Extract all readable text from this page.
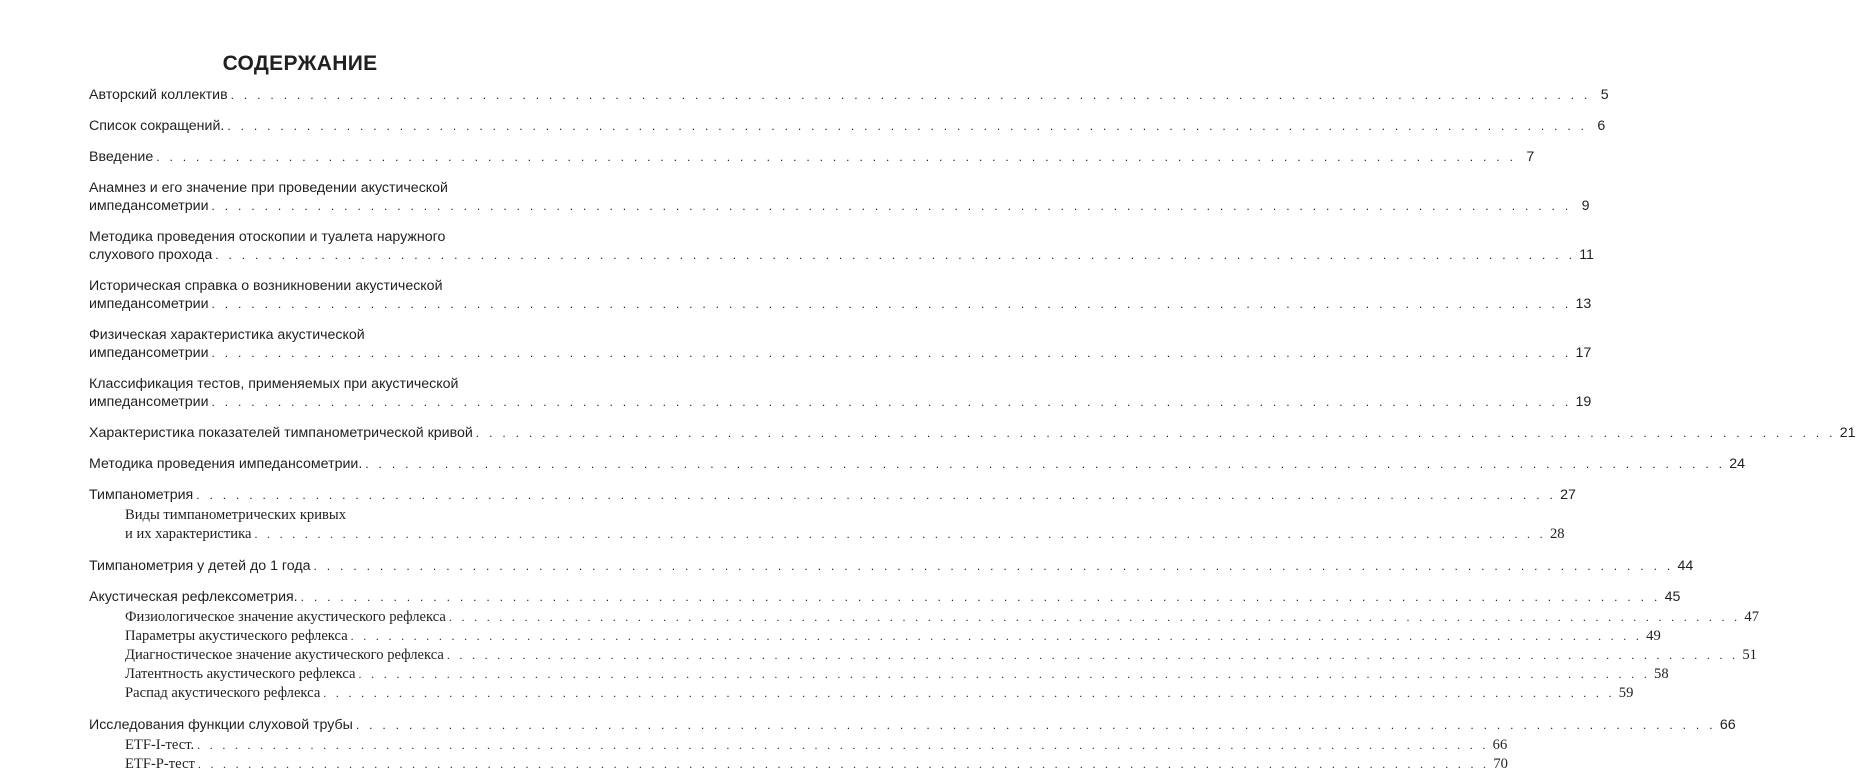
СОДЕРЖАНИЕ
Авторский коллектив . . . . . . . . . . . . . . . . . . . . . . . . . . . . . . . . . . . . . . . . . . . . . . . . . . . . . . . . . . . . . . . . . . . . . . . . . . . . . . . . . . . . . . . . . . . . . . . . . . . . . . . 5
Список сокращений. . . . . . . . . . . . . . . . . . . . . . . . . . . . . . . . . . . . . . . . . . . . . . . . . . . . . . . . . . . . . . . . . . . . . . . . . . . . . . . . . . . . . . . . . . . . . . . . . . . . . . . . 6
Введение . . . . . . . . . . . . . . . . . . . . . . . . . . . . . . . . . . . . . . . . . . . . . . . . . . . . . . . . . . . . . . . . . . . . . . . . . . . . . . . . . . . . . . . . . . . . . . . . . . . . . . . 7
Анамнез и его значение при проведении акустической
импедансометрии . . . . . . . . . . . . . . . . . . . . . . . . . . . . . . . . . . . . . . . . . . . . . . . . . . . . . . . . . . . . . . . . . . . . . . . . . . . . . . . . . . . . . . . . . . . . . . . . . . . . . . . 9
Методика проведения отоскопии и туалета наружного
слухового прохода . . . . . . . . . . . . . . . . . . . . . . . . . . . . . . . . . . . . . . . . . . . . . . . . . . . . . . . . . . . . . . . . . . . . . . . . . . . . . . . . . . . . . . . . . . . . . . . . . . . . . . . 11
Историческая справка о возникновении акустической
импедансометрии . . . . . . . . . . . . . . . . . . . . . . . . . . . . . . . . . . . . . . . . . . . . . . . . . . . . . . . . . . . . . . . . . . . . . . . . . . . . . . . . . . . . . . . . . . . . . . . . . . . . . . . 13
Физическая характеристика акустической
импедансометрии . . . . . . . . . . . . . . . . . . . . . . . . . . . . . . . . . . . . . . . . . . . . . . . . . . . . . . . . . . . . . . . . . . . . . . . . . . . . . . . . . . . . . . . . . . . . . . . . . . . . . . . 17
Классификация тестов, применяемых при акустической
импедансометрии . . . . . . . . . . . . . . . . . . . . . . . . . . . . . . . . . . . . . . . . . . . . . . . . . . . . . . . . . . . . . . . . . . . . . . . . . . . . . . . . . . . . . . . . . . . . . . . . . . . . . . . 19
Характеристика показателей тимпанометрической кривой . . . . . . . . . . . . . . . . . . . . . . . . . . . . . . . . . . . . . . . . . . . . . . . . . . . . . . . . . . . . . . . . . . . . . . . . . . . . . . . . . . . . . . . . . . . . . . . . . . . . . . . 21
Методика проведения импедансометрии. . . . . . . . . . . . . . . . . . . . . . . . . . . . . . . . . . . . . . . . . . . . . . . . . . . . . . . . . . . . . . . . . . . . . . . . . . . . . . . . . . . . . . . . . . . . . . . . . . . . . . . . 24
Тимпанометрия . . . . . . . . . . . . . . . . . . . . . . . . . . . . . . . . . . . . . . . . . . . . . . . . . . . . . . . . . . . . . . . . . . . . . . . . . . . . . . . . . . . . . . . . . . . . . . . . . . . . . . . 27
Виды тимпанометрических кривых
и их характеристика . . . . . . . . . . . . . . . . . . . . . . . . . . . . . . . . . . . . . . . . . . . . . . . . . . . . . . . . . . . . . . . . . . . . . . . . . . . . . . . . . . . . . . . . . . . . . . . . . . . . . . . 28
Тимпанометрия у детей до 1 года . . . . . . . . . . . . . . . . . . . . . . . . . . . . . . . . . . . . . . . . . . . . . . . . . . . . . . . . . . . . . . . . . . . . . . . . . . . . . . . . . . . . . . . . . . . . . . . . . . . . . . . 44
Акустическая рефлексометрия. . . . . . . . . . . . . . . . . . . . . . . . . . . . . . . . . . . . . . . . . . . . . . . . . . . . . . . . . . . . . . . . . . . . . . . . . . . . . . . . . . . . . . . . . . . . . . . . . . . . . . . . 45
Физиологическое значение акустического рефлекса . . . . . . . . . . . . . . . . . . . . . . . . . . . . . . . . . . . . . . . . . . . . . . . . . . . . . . . . . . . . . . . . . . . . . . . . . . . . . . . . . . . . . . . . . . . . . . . . . . . . . . . 47
Параметры акустического рефлекса . . . . . . . . . . . . . . . . . . . . . . . . . . . . . . . . . . . . . . . . . . . . . . . . . . . . . . . . . . . . . . . . . . . . . . . . . . . . . . . . . . . . . . . . . . . . . . . . . . . . . . . 49
Диагностическое значение акустического рефлекса . . . . . . . . . . . . . . . . . . . . . . . . . . . . . . . . . . . . . . . . . . . . . . . . . . . . . . . . . . . . . . . . . . . . . . . . . . . . . . . . . . . . . . . . . . . . . . . . . . . . . . . 51
Латентность акустического рефлекса . . . . . . . . . . . . . . . . . . . . . . . . . . . . . . . . . . . . . . . . . . . . . . . . . . . . . . . . . . . . . . . . . . . . . . . . . . . . . . . . . . . . . . . . . . . . . . . . . . . . . . . 58
Распад акустического рефлекса . . . . . . . . . . . . . . . . . . . . . . . . . . . . . . . . . . . . . . . . . . . . . . . . . . . . . . . . . . . . . . . . . . . . . . . . . . . . . . . . . . . . . . . . . . . . . . . . . . . . . . . 59
Исследования функции слуховой трубы . . . . . . . . . . . . . . . . . . . . . . . . . . . . . . . . . . . . . . . . . . . . . . . . . . . . . . . . . . . . . . . . . . . . . . . . . . . . . . . . . . . . . . . . . . . . . . . . . . . . . . . 66
ETF-I-тест. . . . . . . . . . . . . . . . . . . . . . . . . . . . . . . . . . . . . . . . . . . . . . . . . . . . . . . . . . . . . . . . . . . . . . . . . . . . . . . . . . . . . . . . . . . . . . . . . . . . . . . . 66
ETF-P-тест . . . . . . . . . . . . . . . . . . . . . . . . . . . . . . . . . . . . . . . . . . . . . . . . . . . . . . . . . . . . . . . . . . . . . . . . . . . . . . . . . . . . . . . . . . . . . . . . . . . . . . . 70
